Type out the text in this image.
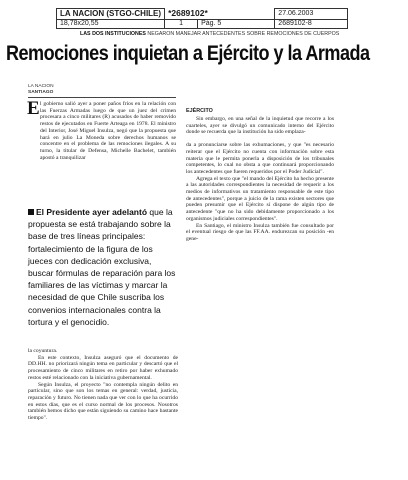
LA NACION (STGO-CHILE)	*2689102*		27.06.2003
18,78x20,55	1	Pág. 5	2689102-8
LAS DOS INSTITUCIONES NEGARON MANEJAR ANTECEDENTES SOBRE REMOCIONES DE CUERPOS
Remociones inquietan a Ejército y la Armada
LA NACION
SANTIAGO
E l gobierno salió ayer a poner paños fríos en la relación con las Fuerzas Armadas luego de que un juez del crimen procesara a cinco militares (R) acusados de haber removido restos de ejecutados en Fuerte Arteaga en 1978. El ministro del Interior, José Miguel Insulza, negó que la propuesta que hará en julio La Moneda sobre derechos humanos se concentre en el problema de las remociones ilegales. A su turno, la titular de Defensa, Michelle Bachelet, también apostó a tranquilizar

El Presidente ayer adelantó que la propuesta se está trabajando sobre la base de tres líneas principales: fortalecimiento de la figura de los jueces con dedicación exclusiva, buscar fórmulas de reparación para los familiares de las víctimas y marcar la necesidad de que Chile suscriba los convenios internacionales contra la tortura y el genocidio.

la coyuntura.

En este contexto, Insulza aseguró que el documento de DD.HH. no priorizará ningún tema en particular y descartó que el procesamiento de cinco militares en retiro por haber exhumado restos esté relacionado con la iniciativa gubernamental.

Según Insulza, el proyecto "no contempla ningún delito en particular, sino que son los temas en general: verdad, justicia, reparación y futuro. No tienen nada que ver con lo que ha ocurrido en estos días, que es el curso normal de los procesos. Nosotros también hemos dicho que están siguiendo su camino hace bastante tiempo".

EJÉRCITO

Sin embargo, en una señal de la inquietud que recorre a los cuarteles, ayer se divulgó un comunicado interno del Ejército donde se recuerda que la institución ha sido emplaza-

da a pronunciarse sobre las exhumaciones, y que "es necesario reiterar que el Ejército no cuenta con información sobre esta materia que le permita ponerla a disposición de los tribunales competentes, lo cual no obsta a que continuará proporcionando los antecedentes que fueren requeridos por el Poder Judicial".

Agrega el texto que "el mando del Ejército ha hecho presente a las autoridades correspondientes la necesidad de requerir a los medios de informativos un tratamiento responsable de este tipo de antecedentes", porque a juicio de la rama existen sectores que pueden presumir que el Ejército sí dispone de algún tipo de antecedente "que no ha sido debidamente proporcionado a los organismos judiciales correspondientes".

En Santiago, el ministro Insulza también fue consultado por el eventual riesgo de que las FF.AA. endurezcan su posición -en gene-
